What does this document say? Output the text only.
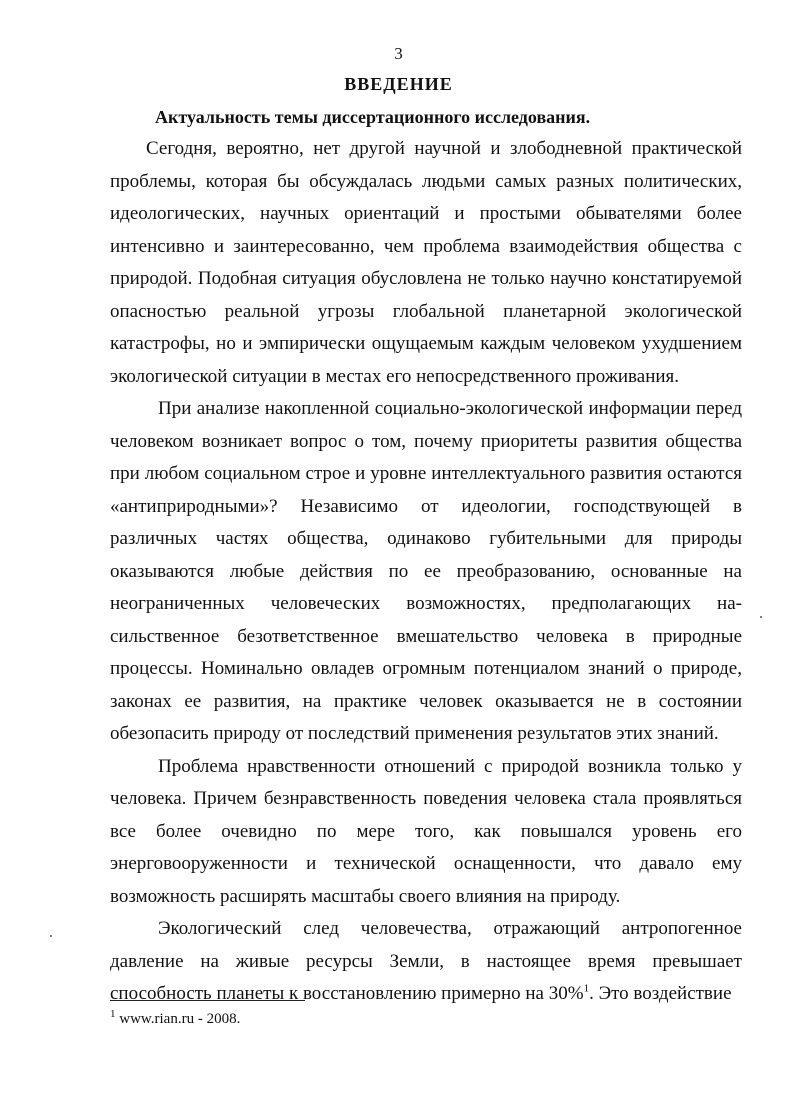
3
ВВЕДЕНИЕ
Актуальность темы диссертационного исследования.

Сегодня, вероятно, нет другой научной и злободневной практической проблемы, которая бы обсуждалась людьми самых разных политических, идеологических, научных ориентаций и простыми обывателями более интенсивно и заинтересованно, чем проблема взаимодействия общества с природой. Подобная ситуация обусловлена не только научно констатируемой опасностью реальной угрозы глобальной планетарной экологической катастрофы, но и эмпирически ощущаемым каждым человеком ухудшением экологической ситуации в местах его непосредственного проживания.

При анализе накопленной социально-экологической информации перед человеком возникает вопрос о том, почему приоритеты развития общества при любом социальном строе и уровне интеллектуального развития остаются «антиприродными»? Независимо от идеологии, господствующей в различных частях общества, одинаково губительными для природы оказываются любые действия по ее преобразованию, основанные на неограниченных человеческих возможностях, предполагающих на-сильственное безответственное вмешательство человека в природные процессы. Номинально овладев огромным потенциалом знаний о природе, законах ее развития, на практике человек оказывается не в состоянии обезопасить природу от последствий применения результатов этих знаний.

Проблема нравственности отношений с природой возникла только у человека. Причем безнравственность поведения человека стала проявляться все более очевидно по мере того, как повышался уровень его энерговооруженности и технической оснащенности, что давало ему возможность расширять масштабы своего влияния на природу.

Экологический след человечества, отражающий антропогенное давление на живые ресурсы Земли, в настоящее время превышает способность планеты к восстановлению примерно на 30%$^1$. Это воздействие

$^1$ www.rian.ru - 2008.
